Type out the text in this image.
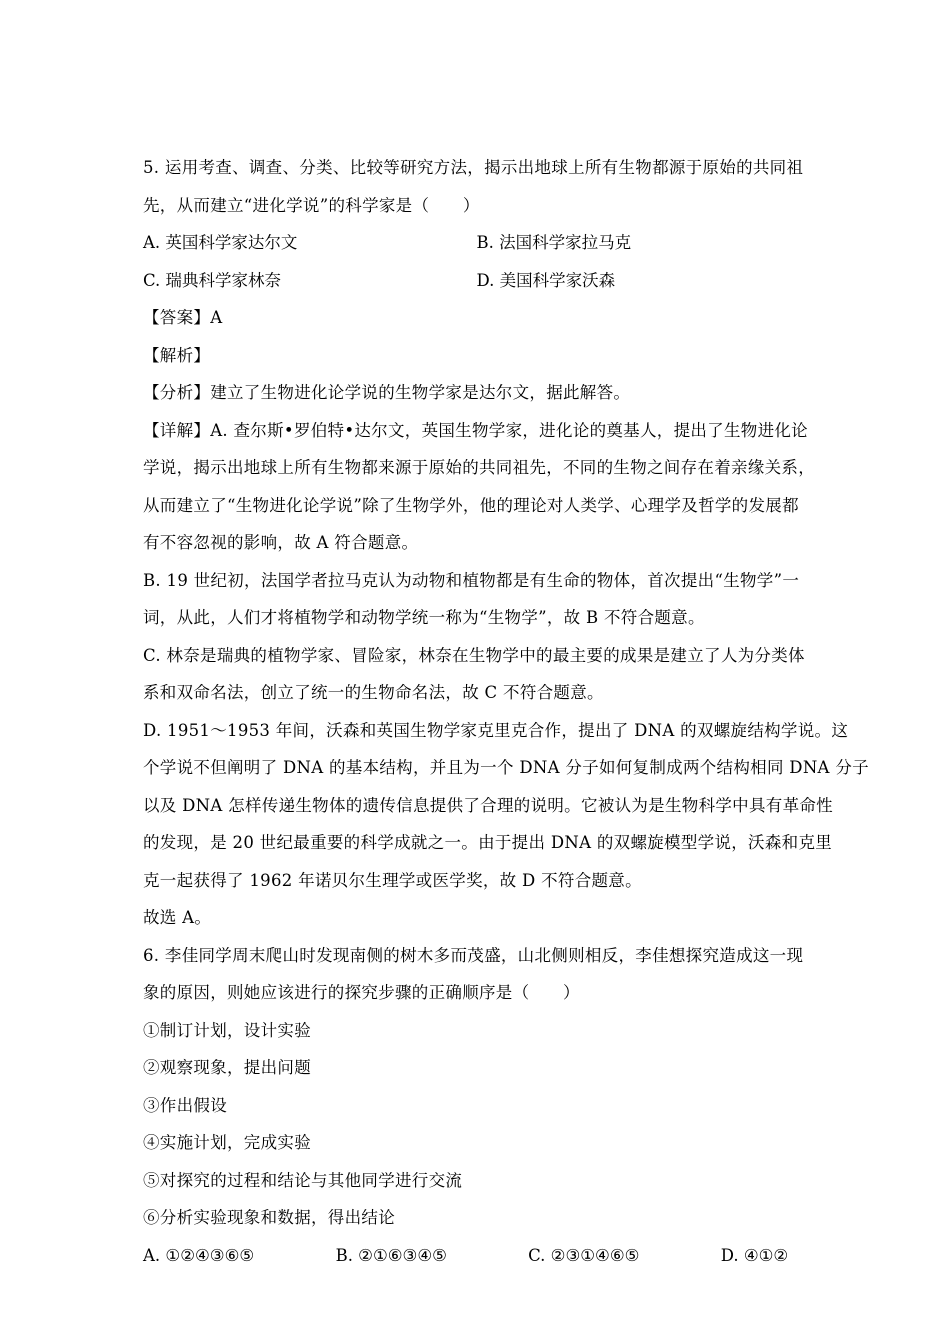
5. 运用考查、调查、分类、比较等研究方法，揭示出地球上所有生物都源于原始的共同祖
先，从而建立“进化学说”的科学家是（　　）
A. 英国科学家达尔文	B. 法国科学家拉马克
C. 瑞典科学家林奈	D. 美国科学家沃森
【答案】A
【解析】
【分析】建立了生物进化论学说的生物学家是达尔文，据此解答。
【详解】A. 查尔斯•罗伯特•达尔文，英国生物学家，进化论的奠基人，提出了生物进化论
学说，揭示出地球上所有生物都来源于原始的共同祖先，不同的生物之间存在着亲缘关系，
从而建立了“生物进化论学说”除了生物学外，他的理论对人类学、心理学及哲学的发展都
有不容忽视的影响，故 A 符合题意。
B. 19 世纪初，法国学者拉马克认为动物和植物都是有生命的物体，首次提出“生物学”一
词，从此，人们才将植物学和动物学统一称为“生物学”，故 B 不符合题意。
C. 林奈是瑞典的植物学家、冒险家，林奈在生物学中的最主要的成果是建立了人为分类体
系和双命名法，创立了统一的生物命名法，故 C 不符合题意。
D. 1951～1953 年间，沃森和英国生物学家克里克合作，提出了 DNA 的双螺旋结构学说。这
个学说不但阐明了 DNA 的基本结构，并且为一个 DNA 分子如何复制成两个结构相同 DNA 分子
以及 DNA 怎样传递生物体的遗传信息提供了合理的说明。它被认为是生物科学中具有革命性
的发现，是 20 世纪最重要的科学成就之一。由于提出 DNA 的双螺旋模型学说，沃森和克里
克一起获得了 1962 年诺贝尔生理学或医学奖，故 D 不符合题意。
故选 A。
6. 李佳同学周末爬山时发现南侧的树木多而茂盛，山北侧则相反，李佳想探究造成这一现
象的原因，则她应该进行的探究步骤的正确顺序是（　　）
①制订计划，设计实验
②观察现象，提出问题
③作出假设
④实施计划，完成实验
⑤对探究的过程和结论与其他同学进行交流
⑥分析实验现象和数据，得出结论
A. ①②④③⑥⑤	B. ②①⑥③④⑤	C. ②③①④⑥⑤	D. ④①②
